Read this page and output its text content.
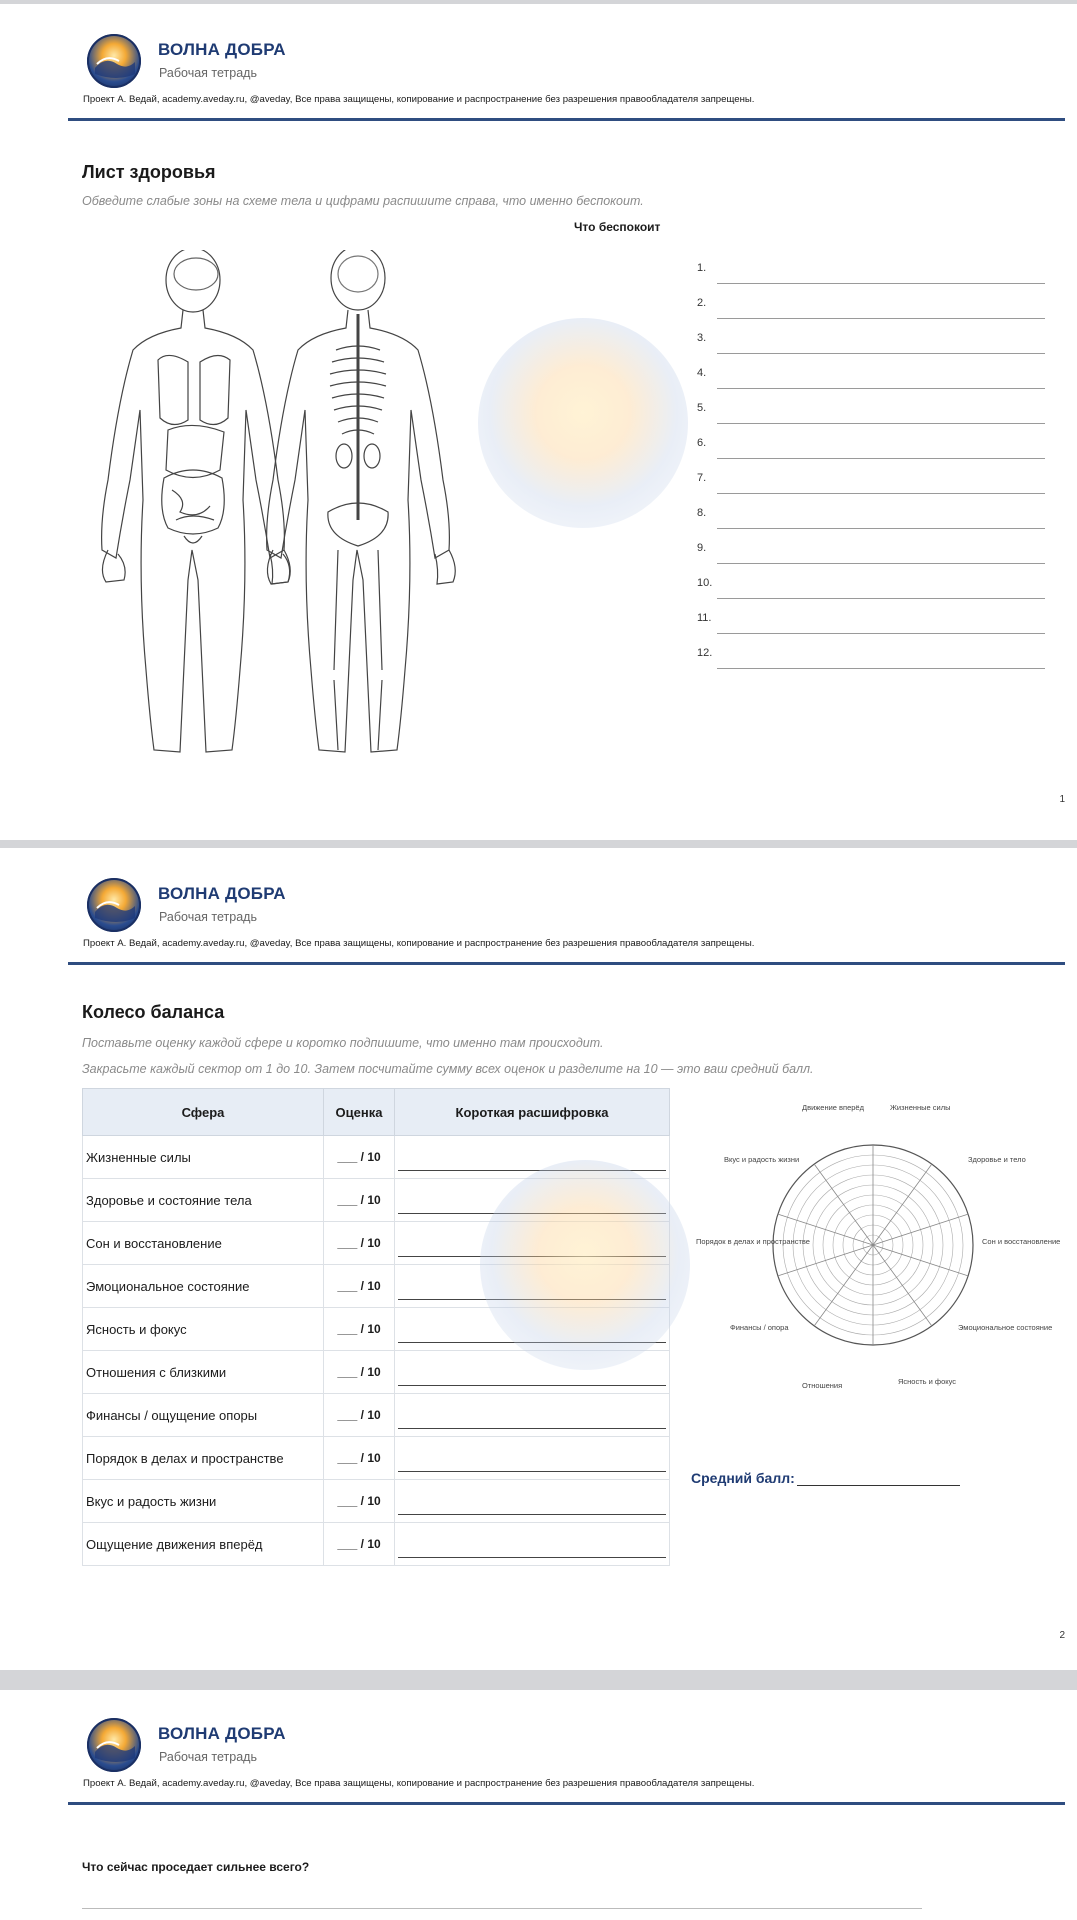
ВОЛНА ДОБРА
Рабочая тетрадь
Проект А. Ведай, academy.aveday.ru, @aveday, Все права защищены, копирование и распространение без разрешения правообладателя запрещены.
Лист здоровья
Обведите слабые зоны на схеме тела и цифрами распишите справа, что именно беспокоит.
Что беспокоит
1.
2.
3.
4.
5.
6.
7.
8.
9.
10.
11.
12.
1
ВОЛНА ДОБРА
Рабочая тетрадь
Проект А. Ведай, academy.aveday.ru, @aveday, Все права защищены, копирование и распространение без разрешения правообладателя запрещены.
Колесо баланса
Поставьте оценку каждой сфере и коротко подпишите, что именно там происходит.
Закрасьте каждый сектор от 1 до 10. Затем посчитайте сумму всех оценок и разделите на 10 — это ваш средний балл.
Сфера	Оценка	Короткая расшифровка
Жизненные силы	___ / 10	

Здоровье и состояние тела	___ / 10	

Сон и восстановление	___ / 10	

Эмоциональное состояние	___ / 10	

Ясность и фокус	___ / 10	

Отношения с близкими	___ / 10	

Финансы / ощущение опоры	___ / 10	

Порядок в делах и пространстве	___ / 10	

Вкус и радость жизни	___ / 10	

Ощущение движения вперёд	___ / 10	
Движение вперёд	Жизненные силы
Вкус и радость жизни	Здоровье и тело
Порядок в делах и пространстве	Сон и восстановление
Финансы / опора	Эмоциональное состояние
Отношения	Ясность и фокус
Средний балл:
2
ВОЛНА ДОБРА
Рабочая тетрадь
Проект А. Ведай, academy.aveday.ru, @aveday, Все права защищены, копирование и распространение без разрешения правообладателя запрещены.
Что сейчас проседает сильнее всего?
